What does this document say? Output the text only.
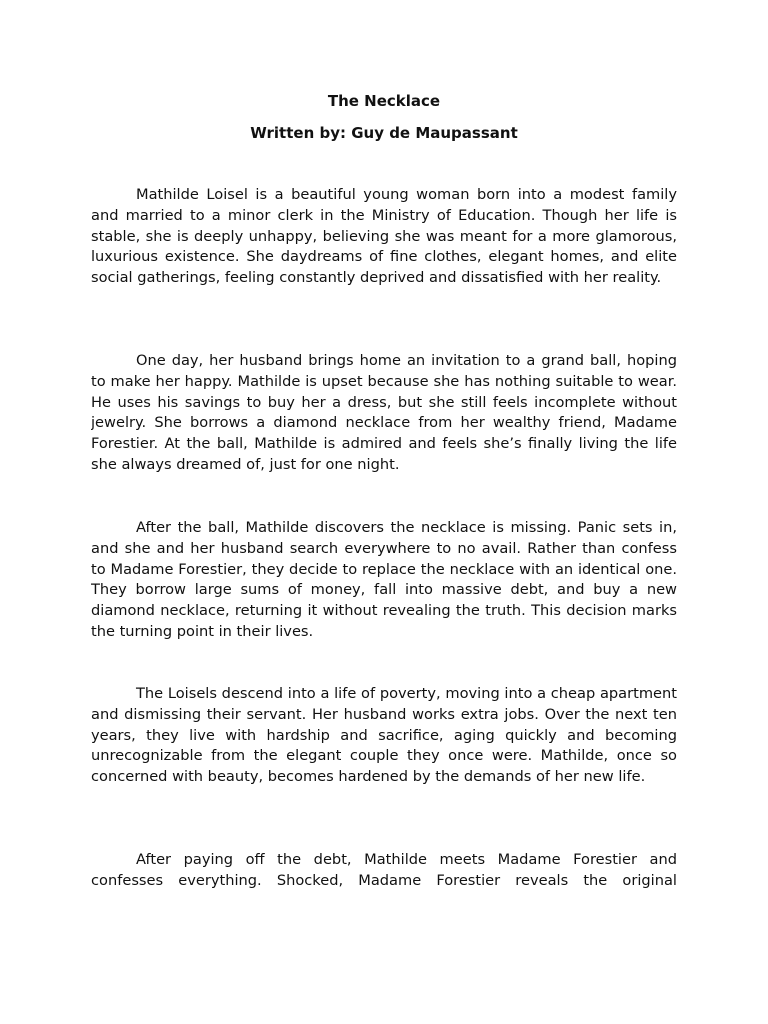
The Necklace
Written by: Guy de Maupassant

Mathilde Loisel is a beautiful young woman born into a modest family and married to a minor clerk in the Ministry of Education. Though her life is stable, she is deeply unhappy, believing she was meant for a more glamorous, luxurious existence. She daydreams of fine clothes, elegant homes, and elite social gatherings, feeling constantly deprived and dissatisfied with her reality.

One day, her husband brings home an invitation to a grand ball, hoping to make her happy. Mathilde is upset because she has nothing suitable to wear. He uses his savings to buy her a dress, but she still feels incomplete without jewelry. She borrows a diamond necklace from her wealthy friend, Madame Forestier. At the ball, Mathilde is admired and feels she’s finally living the life she always dreamed of, just for one night.

After the ball, Mathilde discovers the necklace is missing. Panic sets in, and she and her husband search everywhere to no avail. Rather than confess to Madame Forestier, they decide to replace the necklace with an identical one. They borrow large sums of money, fall into massive debt, and buy a new diamond necklace, returning it without revealing the truth. This decision marks the turning point in their lives.

The Loisels descend into a life of poverty, moving into a cheap apartment and dismissing their servant. Her husband works extra jobs. Over the next ten years, they live with hardship and sacrifice, aging quickly and becoming unrecognizable from the elegant couple they once were. Mathilde, once so concerned with beauty, becomes hardened by the demands of her new life.

After paying off the debt, Mathilde meets Madame Forestier and confesses everything. Shocked, Madame Forestier reveals the original
